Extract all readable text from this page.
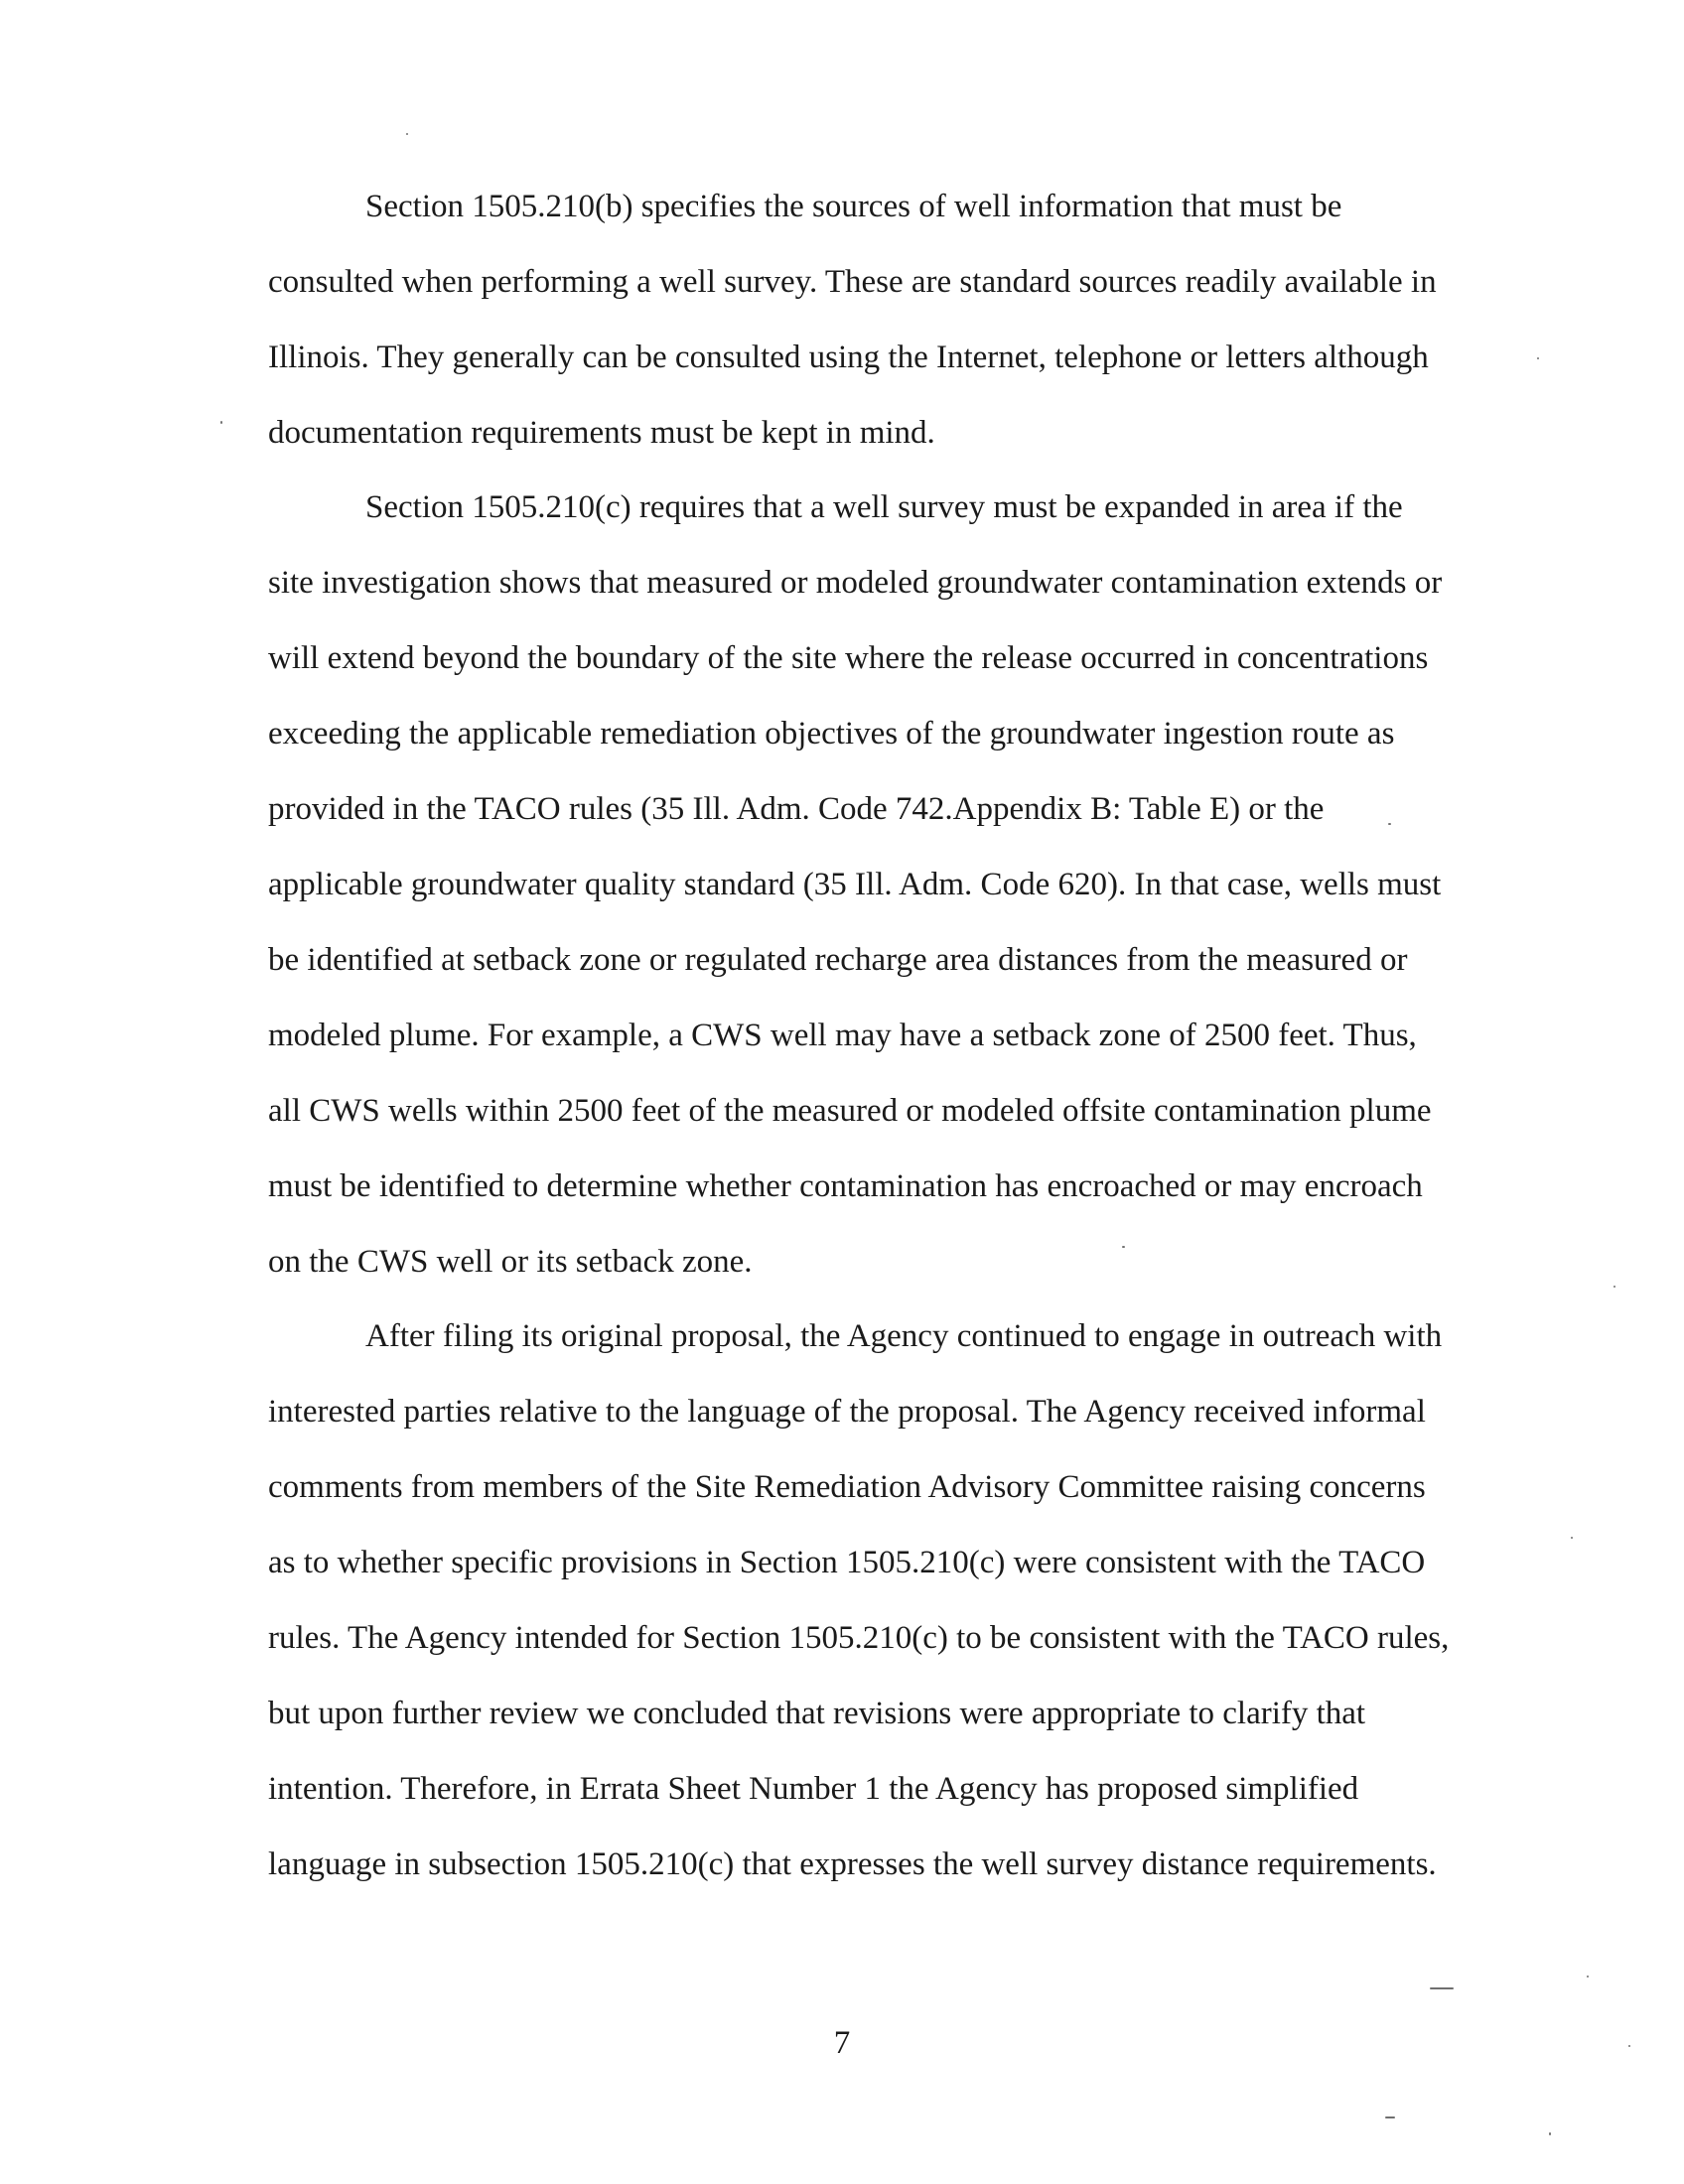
Section 1505.210(b) specifies the sources of well information that must be consulted when performing a well survey. These are standard sources readily available in Illinois. They generally can be consulted using the Internet, telephone or letters although documentation requirements must be kept in mind.

Section 1505.210(c) requires that a well survey must be expanded in area if the site investigation shows that measured or modeled groundwater contamination extends or will extend beyond the boundary of the site where the release occurred in concentrations exceeding the applicable remediation objectives of the groundwater ingestion route as provided in the TACO rules (35 Ill. Adm. Code 742.Appendix B: Table E) or the applicable groundwater quality standard (35 Ill. Adm. Code 620). In that case, wells must be identified at setback zone or regulated recharge area distances from the measured or modeled plume. For example, a CWS well may have a setback zone of 2500 feet. Thus, all CWS wells within 2500 feet of the measured or modeled offsite contamination plume must be identified to determine whether contamination has encroached or may encroach on the CWS well or its setback zone.

After filing its original proposal, the Agency continued to engage in outreach with interested parties relative to the language of the proposal. The Agency received informal comments from members of the Site Remediation Advisory Committee raising concerns as to whether specific provisions in Section 1505.210(c) were consistent with the TACO rules. The Agency intended for Section 1505.210(c) to be consistent with the TACO rules, but upon further review we concluded that revisions were appropriate to clarify that intention. Therefore, in Errata Sheet Number 1 the Agency has proposed simplified language in subsection 1505.210(c) that expresses the well survey distance requirements.

7
